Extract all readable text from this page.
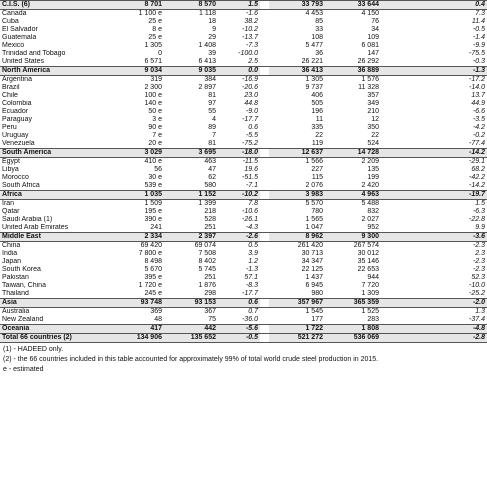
C.I.S. (6)	8 701	8 570	1.5		33 793	33 644	0.4
Canada	1 100 e	1 118	-1.6		4 453	4 150	7.3
Cuba	25 e	18	38.2		85	76	11.4
El Salvador	8 e	9	-10.2		33	34	-0.5
Guatemala	25 e	29	-13.7		108	109	-1.4
Mexico	1 305	1 408	-7.3		5 477	6 081	-9.9
Trinidad and Tobago	0	39	-100.0		36	147	-75.5
United States	6 571	6 413	2.5		26 221	26 292	-0.3
North America	9 034	9 035	0.0		36 413	36 889	-1.3
Argentina	319	384	-16.9		1 305	1 576	-17.2
Brazil	2 300	2 897	-20.6		9 737	11 328	-14.0
Chile	100 e	81	23.0		406	357	13.7
Colombia	140 e	97	44.8		505	349	44.9
Ecuador	50 e	55	-9.0		196	210	-6.6
Paraguay	3 e	4	-17.7		11	12	-3.5
Peru	90 e	89	0.6		335	350	-4.2
Uruguay	7 e	7	-5.5		22	22	-0.2
Venezuela	20 e	81	-75.2		119	524	-77.4
South America	3 029	3 695	-18.0		12 637	14 728	-14.2
Egypt	410 e	463	-11.5		1 566	2 209	-29.1
Libya	56	47	19.6		227	135	68.2
Morocco	30 e	62	-51.5		115	199	-42.2
South Africa	539 e	580	-7.1		2 076	2 420	-14.2
Africa	1 035	1 152	-10.2		3 983	4 963	-19.7
Iran	1 509	1 399	7.8		5 570	5 488	1.5
Qatar	195 e	218	-10.6		780	832	-6.3
Saudi Arabia (1)	390 e	528	-26.1		1 565	2 027	-22.8
United Arab Emirates	241	251	-4.3		1 047	952	9.9
Middle East	2 334	2 397	-2.6		8 962	9 300	-3.6
China	69 420	69 074	0.5		261 420	267 574	-2.3
India	7 800 e	7 508	3.9		30 713	30 012	2.3
Japan	8 498	8 402	1.2		34 347	35 146	-2.3
South Korea	5 670	5 745	-1.3		22 125	22 653	-2.3
Pakistan	395 e	251	57.1		1 437	944	52.3
Taiwan, China	1 720 e	1 876	-8.3		6 945	7 720	-10.0
Thailand	245 e	298	-17.7		980	1 309	-25.2
Asia	93 748	93 153	0.6		357 967	365 359	-2.0
Australia	369	367	0.7		1 545	1 525	1.3
New Zealand	48	75	-36.0		177	283	-37.4
Oceania	417	442	-5.6		1 722	1 808	-4.8
Total 66 countries (2)	134 906	135 652	-0.5		521 272	536 069	-2.8
(1) - HADEED only.
(2) - the 66 countries included in this table accounted for approximately 99% of total world crude steel production in 2015.
e - estimated
